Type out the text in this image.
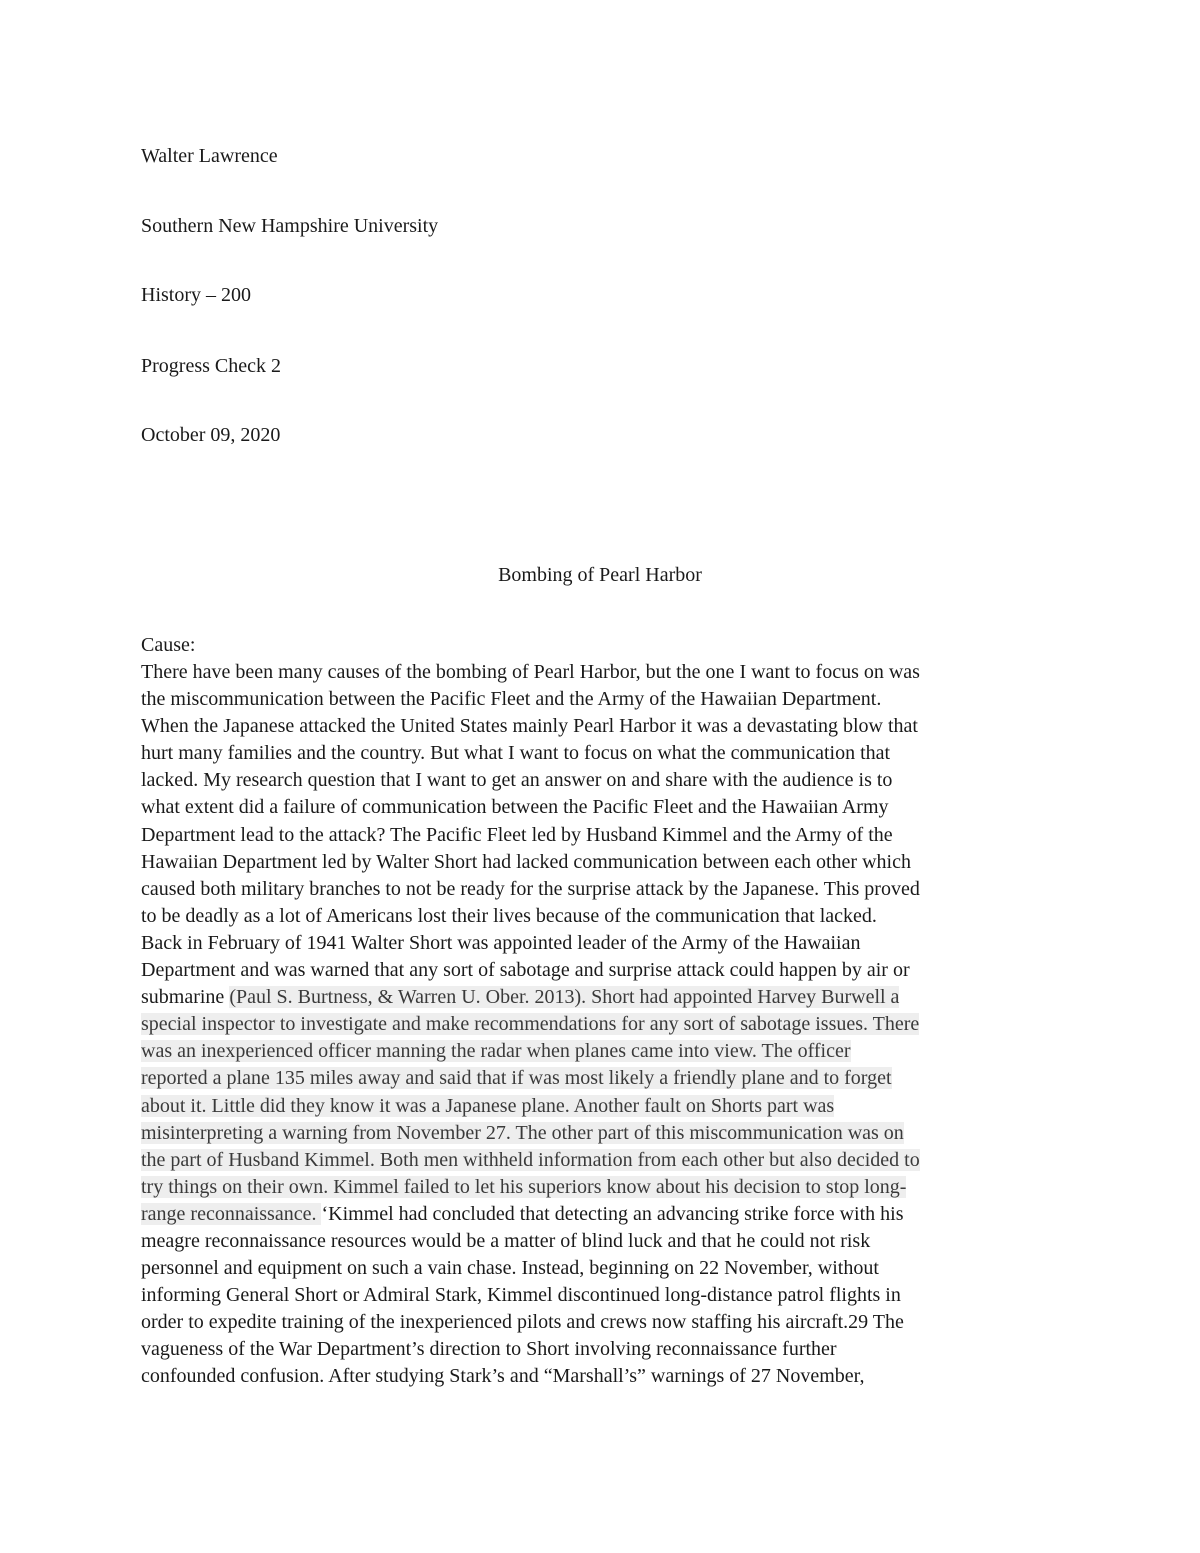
Walter Lawrence
Southern New Hampshire University
History – 200
Progress Check 2
October 09, 2020
Bombing of Pearl Harbor
Cause:
There have been many causes of the bombing of Pearl Harbor, but the one I want to focus on was
the miscommunication between the Pacific Fleet and the Army of the Hawaiian Department.
When the Japanese attacked the United States mainly Pearl Harbor it was a devastating blow that
hurt many families and the country. But what I want to focus on what the communication that
lacked. My research question that I want to get an answer on and share with the audience is to
what extent did a failure of communication between the Pacific Fleet and the Hawaiian Army
Department lead to the attack? The Pacific Fleet led by Husband Kimmel and the Army of the
Hawaiian Department led by Walter Short had lacked communication between each other which
caused both military branches to not be ready for the surprise attack by the Japanese. This proved
to be deadly as a lot of Americans lost their lives because of the communication that lacked.
Back in February of 1941 Walter Short was appointed leader of the Army of the Hawaiian
Department and was warned that any sort of sabotage and surprise attack could happen by air or
submarine (Paul S. Burtness, & Warren U. Ober. 2013). Short had appointed Harvey Burwell a
special inspector to investigate and make recommendations for any sort of sabotage issues. There
was an inexperienced officer manning the radar when planes came into view. The officer
reported a plane 135 miles away and said that if was most likely a friendly plane and to forget
about it. Little did they know it was a Japanese plane. Another fault on Shorts part was
misinterpreting a warning from November 27. The other part of this miscommunication was on
the part of Husband Kimmel. Both men withheld information from each other but also decided to
try things on their own. Kimmel failed to let his superiors know about his decision to stop long-
range reconnaissance. ‘Kimmel had concluded that detecting an advancing strike force with his
meagre reconnaissance resources would be a matter of blind luck and that he could not risk
personnel and equipment on such a vain chase. Instead, beginning on 22 November, without
informing General Short or Admiral Stark, Kimmel discontinued long-distance patrol flights in
order to expedite training of the inexperienced pilots and crews now staffing his aircraft.29 The
vagueness of the War Department’s direction to Short involving reconnaissance further
confounded confusion. After studying Stark’s and “Marshall’s” warnings of 27 November,
